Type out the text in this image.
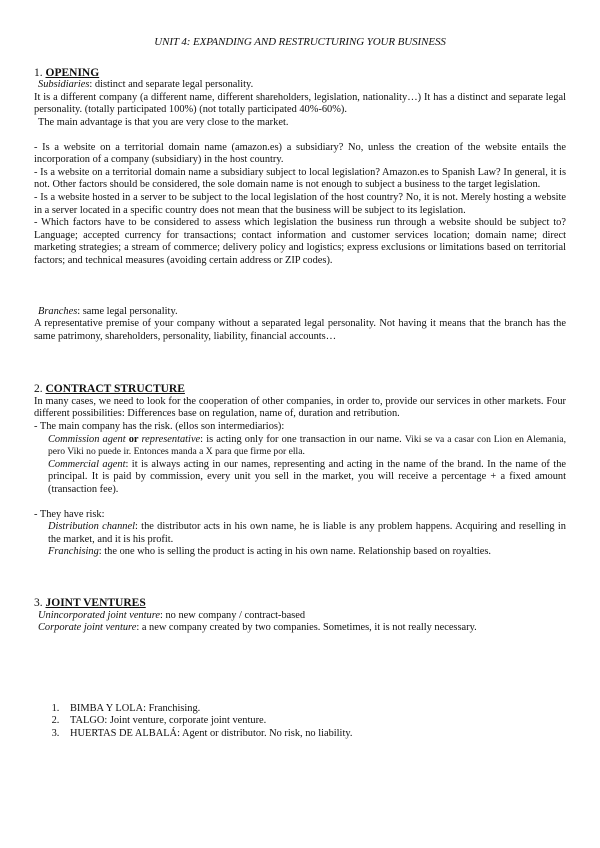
UNIT 4: EXPANDING AND RESTRUCTURING YOUR BUSINESS

1. OPENING

Subsidiaries: distinct and separate legal personality.

It is a different company (a different name, different shareholders, legislation, nationality…) It has a distinct and separate legal personality. (totally participated 100%) (not totally participated 40%-60%).

The main advantage is that you are very close to the market.

- Is a website on a territorial domain name (amazon.es) a subsidiary? No, unless the creation of the website entails the incorporation of a company (subsidiary) in the host country.

- Is a website on a territorial domain name a subsidiary subject to local legislation? Amazon.es to Spanish Law? In general, it is not. Other factors should be considered, the sole domain name is not enough to subject a business to the target legislation.

- Is a website hosted in a server to be subject to the local legislation of the host country? No, it is not. Merely hosting a website in a server located in a specific country does not mean that the business will be subject to its legislation.

- Which factors have to be considered to assess which legislation the business run through a website should be subject to? Language; accepted currency for transactions; contact information and customer services location; domain name; direct marketing strategies; a stream of commerce; delivery policy and logistics; express exclusions or limitations based on territorial factors; and technical measures (avoiding certain address or ZIP codes).

Branches: same legal personality.

A representative premise of your company without a separated legal personality. Not having it means that the branch has the same patrimony, shareholders, personality, liability, financial accounts…

2. CONTRACT STRUCTURE

In many cases, we need to look for the cooperation of other companies, in order to, provide our services in other markets. Four different possibilities: Differences base on regulation, name of, duration and retribution.

- The main company has the risk. (ellos son intermediarios):

Commission agent or representative: is acting only for one transaction in our name. Viki se va a casar con Lion en Alemania, pero Viki no puede ir. Entonces manda a X para que firme por ella.

Commercial agent: it is always acting in our names, representing and acting in the name of the brand. In the name of the principal. It is paid by commission, every unit you sell in the market, you will receive a percentage + a fixed amount (transaction fee).

- They have risk:

Distribution channel: the distributor acts in his own name, he is liable is any problem happens. Acquiring and reselling in the market, and it is his profit.

Franchising: the one who is selling the product is acting in his own name. Relationship based on royalties.

3. JOINT VENTURES

Unincorporated joint venture: no new company / contract-based

Corporate joint venture: a new company created by two companies. Sometimes, it is not really necessary.

1. BIMBA Y LOLA: Franchising.
2. TALGO: Joint venture, corporate joint venture.
3. HUERTAS DE ALBALÁ: Agent or distributor. No risk, no liability.
